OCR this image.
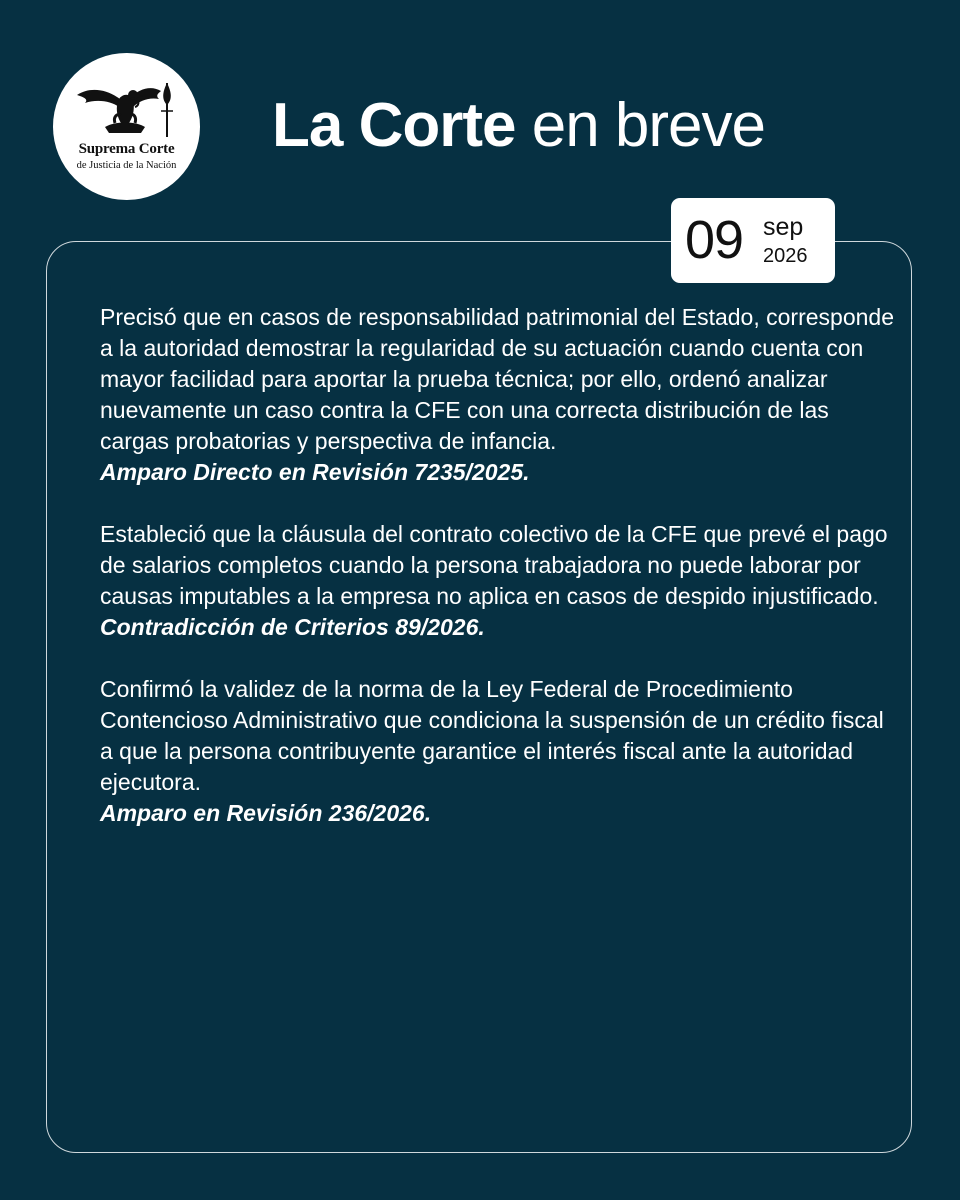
Suprema Corte
de Justicia de la Nación
La Corte en breve
09 sep
2026

Precisó que en casos de responsabilidad patrimonial del Estado, corresponde a la autoridad demostrar la regularidad de su actuación cuando cuenta con mayor facilidad para aportar la prueba técnica; por ello, ordenó analizar nuevamente un caso contra la CFE con una correcta distribución de las cargas probatorias y perspectiva de infancia.

Amparo Directo en Revisión 7235/2025.

Estableció que la cláusula del contrato colectivo de la CFE que prevé el pago de salarios completos cuando la persona trabajadora no puede laborar por causas imputables a la empresa no aplica en casos de despido injustificado.

Contradicción de Criterios 89/2026.

Confirmó la validez de la norma de la Ley Federal de Procedimiento Contencioso Administrativo que condiciona la suspensión de un crédito fiscal a que la persona contribuyente garantice el interés fiscal ante la autoridad ejecutora.

Amparo en Revisión 236/2026.
